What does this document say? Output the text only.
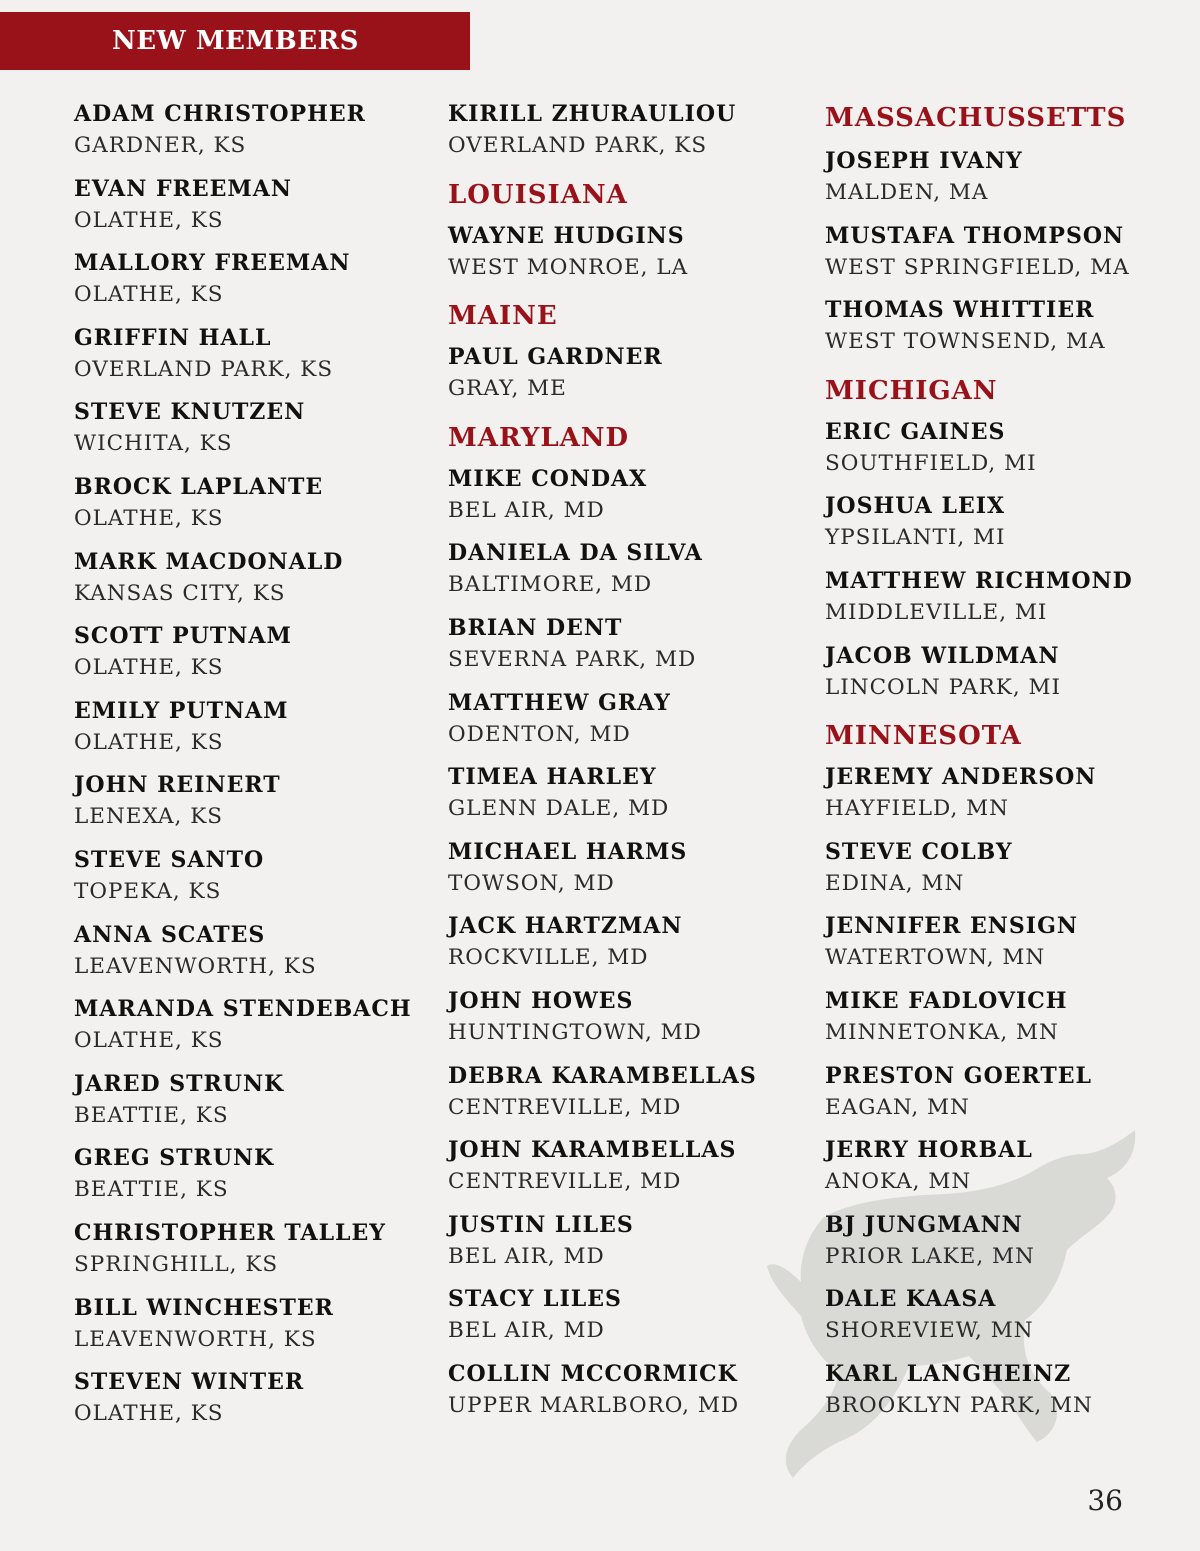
NEW MEMBERS
ADAM CHRISTOPHER
GARDNER, KS
EVAN FREEMAN
OLATHE, KS
MALLORY FREEMAN
OLATHE, KS
GRIFFIN HALL
OVERLAND PARK, KS
STEVE KNUTZEN
WICHITA, KS
BROCK LAPLANTE
OLATHE, KS
MARK MACDONALD
KANSAS CITY, KS
SCOTT PUTNAM
OLATHE, KS
EMILY PUTNAM
OLATHE, KS
JOHN REINERT
LENEXA, KS
STEVE SANTO
TOPEKA, KS
ANNA SCATES
LEAVENWORTH, KS
MARANDA STENDEBACH
OLATHE, KS
JARED STRUNK
BEATTIE, KS
GREG STRUNK
BEATTIE, KS
CHRISTOPHER TALLEY
SPRINGHILL, KS
BILL WINCHESTER
LEAVENWORTH, KS
STEVEN WINTER
OLATHE, KS
KIRILL ZHURAULIOU
OVERLAND PARK, KS
LOUISIANA
WAYNE HUDGINS
WEST MONROE, LA
MAINE
PAUL GARDNER
GRAY, ME
MARYLAND
MIKE CONDAX
BEL AIR, MD
DANIELA DA SILVA
BALTIMORE, MD
BRIAN DENT
SEVERNA PARK, MD
MATTHEW GRAY
ODENTON, MD
TIMEA HARLEY
GLENN DALE, MD
MICHAEL HARMS
TOWSON, MD
JACK HARTZMAN
ROCKVILLE, MD
JOHN HOWES
HUNTINGTOWN, MD
DEBRA KARAMBELLAS
CENTREVILLE, MD
JOHN KARAMBELLAS
CENTREVILLE, MD
JUSTIN LILES
BEL AIR, MD
STACY LILES
BEL AIR, MD
COLLIN MCCORMICK
UPPER MARLBORO, MD
MASSACHUSSETTS
JOSEPH IVANY
MALDEN, MA
MUSTAFA THOMPSON
WEST SPRINGFIELD, MA
THOMAS WHITTIER
WEST TOWNSEND, MA
MICHIGAN
ERIC GAINES
SOUTHFIELD, MI
JOSHUA LEIX
YPSILANTI, MI
MATTHEW RICHMOND
MIDDLEVILLE, MI
JACOB WILDMAN
LINCOLN PARK, MI
MINNESOTA
JEREMY ANDERSON
HAYFIELD, MN
STEVE COLBY
EDINA, MN
JENNIFER ENSIGN
WATERTOWN, MN
MIKE FADLOVICH
MINNETONKA, MN
PRESTON GOERTEL
EAGAN, MN
JERRY HORBAL
ANOKA, MN
BJ JUNGMANN
PRIOR LAKE, MN
DALE KAASA
SHOREVIEW, MN
KARL LANGHEINZ
BROOKLYN PARK, MN
36
